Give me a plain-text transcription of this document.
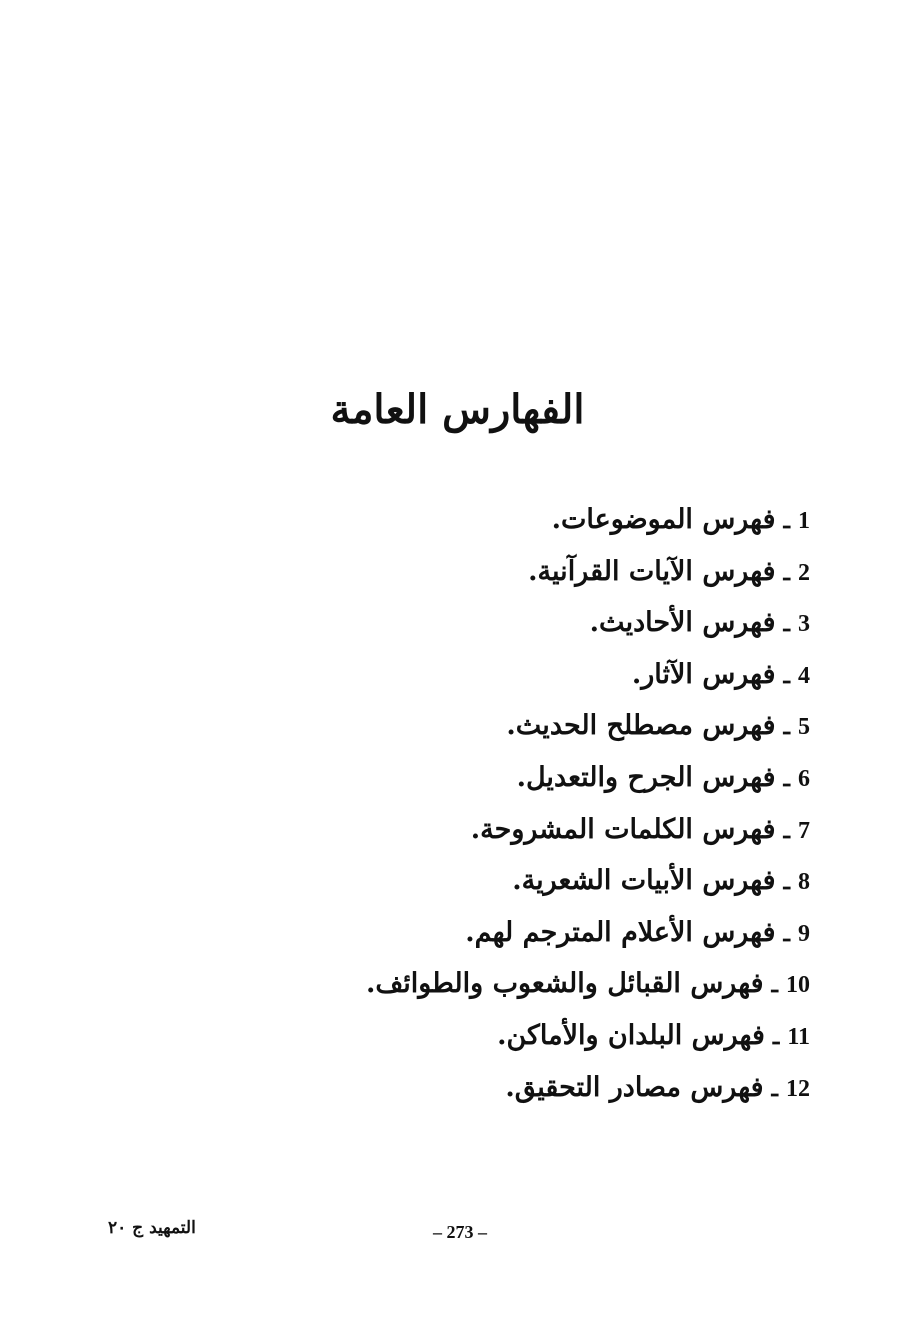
الفهارس العامة
1
ـ
فهرس الموضوعات.
2
ـ
فهرس الآيات القرآنية.
3
ـ
فهرس الأحاديث.
4
ـ
فهرس الآثار.
5
ـ
فهرس مصطلح الحديث.
6
ـ
فهرس الجرح والتعديل.
7
ـ
فهرس الكلمات المشروحة.
8
ـ
فهرس الأبيات الشعرية.
9
ـ
فهرس الأعلام المترجم لهم.
10
ـ
فهرس القبائل والشعوب والطوائف.
11
ـ
فهرس البلدان والأماكن.
12
ـ
فهرس مصادر التحقيق.
التمهيد ج ٢٠	– 273 –
